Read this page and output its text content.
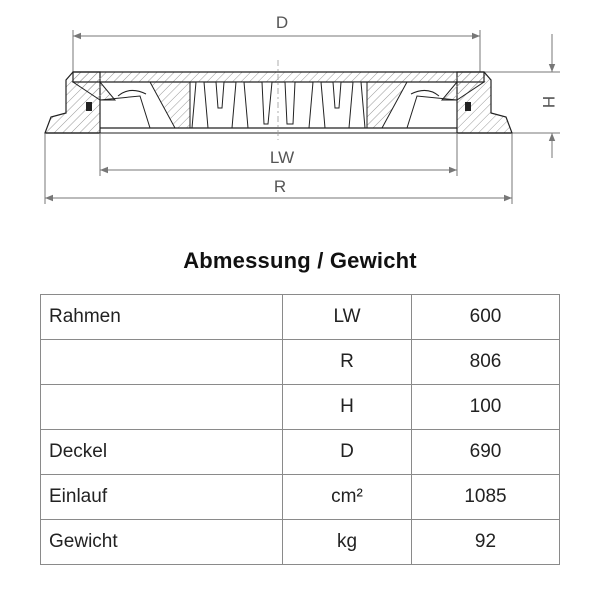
D
H
LW
R
Abmessung / Gewicht
Rahmen	LW	600
	R	806
	H	100
Deckel	D	690
Einlauf	cm²	1085
Gewicht	kg	92
